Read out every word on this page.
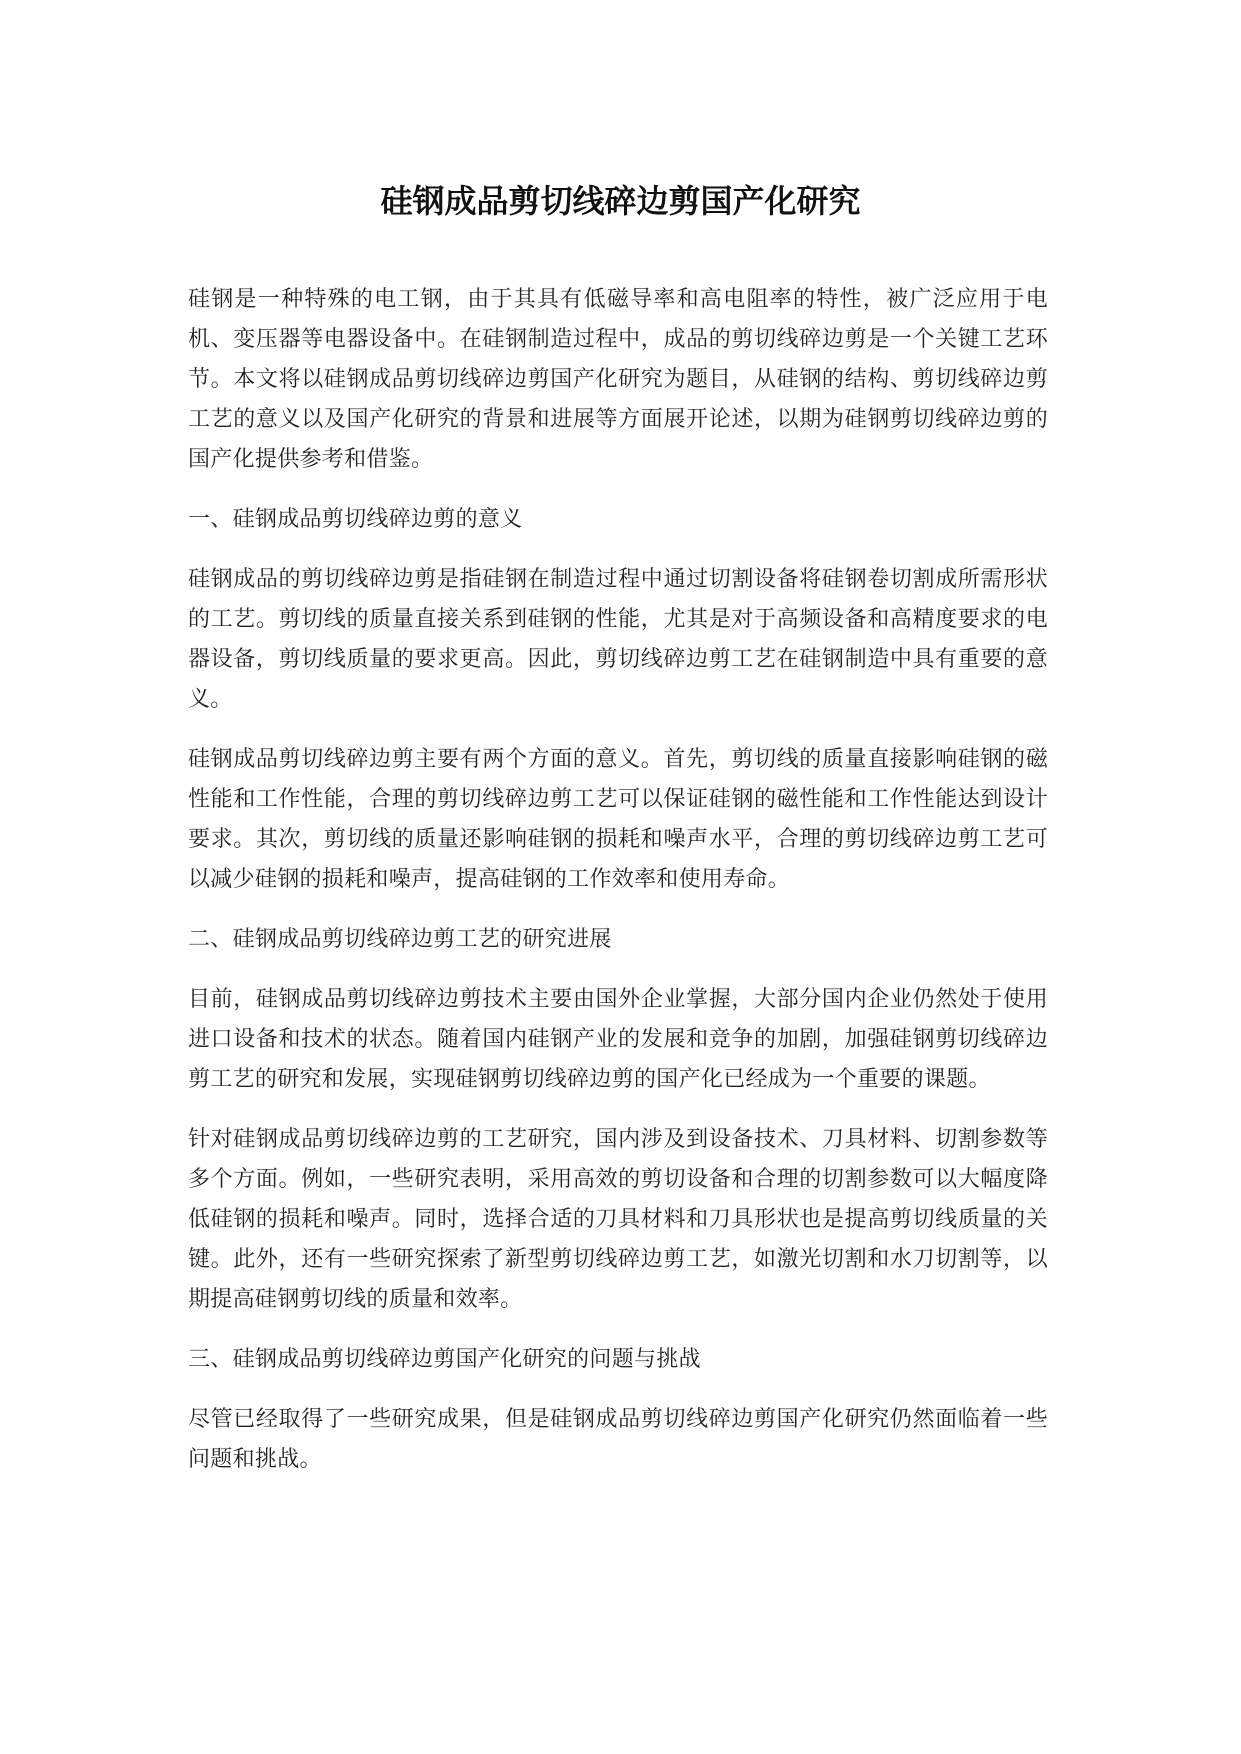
硅钢成品剪切线碎边剪国产化研究

硅钢是一种特殊的电工钢，由于其具有低磁导率和高电阻率的特性，被广泛应用于电机、变压器等电器设备中。在硅钢制造过程中，成品的剪切线碎边剪是一个关键工艺环节。本文将以硅钢成品剪切线碎边剪国产化研究为题目，从硅钢的结构、剪切线碎边剪工艺的意义以及国产化研究的背景和进展等方面展开论述，以期为硅钢剪切线碎边剪的国产化提供参考和借鉴。

一、硅钢成品剪切线碎边剪的意义

硅钢成品的剪切线碎边剪是指硅钢在制造过程中通过切割设备将硅钢卷切割成所需形状的工艺。剪切线的质量直接关系到硅钢的性能，尤其是对于高频设备和高精度要求的电器设备，剪切线质量的要求更高。因此，剪切线碎边剪工艺在硅钢制造中具有重要的意义。

硅钢成品剪切线碎边剪主要有两个方面的意义。首先，剪切线的质量直接影响硅钢的磁性能和工作性能，合理的剪切线碎边剪工艺可以保证硅钢的磁性能和工作性能达到设计要求。其次，剪切线的质量还影响硅钢的损耗和噪声水平，合理的剪切线碎边剪工艺可以减少硅钢的损耗和噪声，提高硅钢的工作效率和使用寿命。

二、硅钢成品剪切线碎边剪工艺的研究进展

目前，硅钢成品剪切线碎边剪技术主要由国外企业掌握，大部分国内企业仍然处于使用进口设备和技术的状态。随着国内硅钢产业的发展和竞争的加剧，加强硅钢剪切线碎边剪工艺的研究和发展，实现硅钢剪切线碎边剪的国产化已经成为一个重要的课题。

针对硅钢成品剪切线碎边剪的工艺研究，国内涉及到设备技术、刀具材料、切割参数等多个方面。例如，一些研究表明，采用高效的剪切设备和合理的切割参数可以大幅度降低硅钢的损耗和噪声。同时，选择合适的刀具材料和刀具形状也是提高剪切线质量的关键。此外，还有一些研究探索了新型剪切线碎边剪工艺，如激光切割和水刀切割等，以期提高硅钢剪切线的质量和效率。

三、硅钢成品剪切线碎边剪国产化研究的问题与挑战

尽管已经取得了一些研究成果，但是硅钢成品剪切线碎边剪国产化研究仍然面临着一些问题和挑战。
